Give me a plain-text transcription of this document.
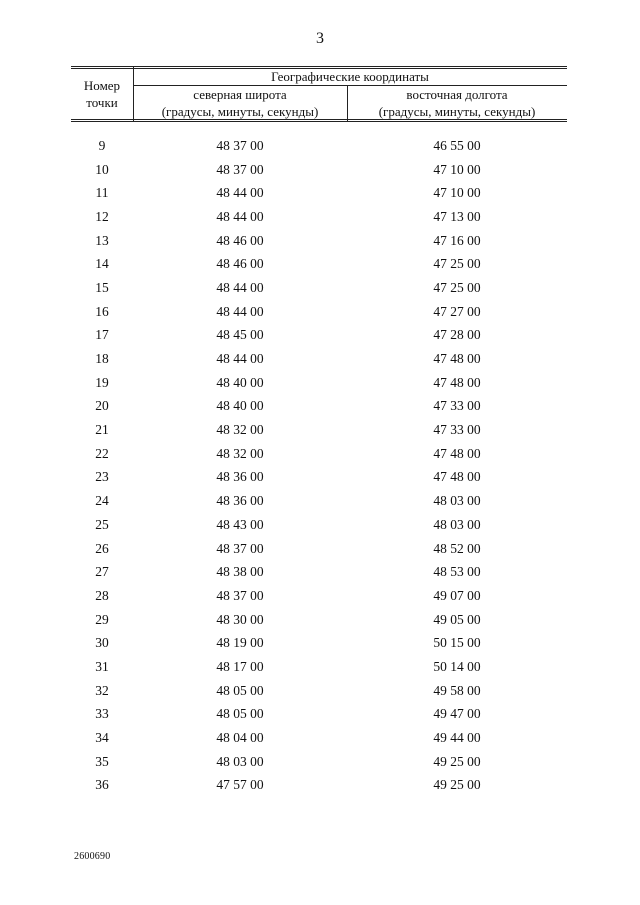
3
Номер
точки
Географические координаты
северная широта
(градусы, минуты, секунды)
восточная долгота
(градусы, минуты, секунды)
9	48 37 00	46 55 00
10	48 37 00	47 10 00
11	48 44 00	47 10 00
12	48 44 00	47 13 00
13	48 46 00	47 16 00
14	48 46 00	47 25 00
15	48 44 00	47 25 00
16	48 44 00	47 27 00
17	48 45 00	47 28 00
18	48 44 00	47 48 00
19	48 40 00	47 48 00
20	48 40 00	47 33 00
21	48 32 00	47 33 00
22	48 32 00	47 48 00
23	48 36 00	47 48 00
24	48 36 00	48 03 00
25	48 43 00	48 03 00
26	48 37 00	48 52 00
27	48 38 00	48 53 00
28	48 37 00	49 07 00
29	48 30 00	49 05 00
30	48 19 00	50 15 00
31	48 17 00	50 14 00
32	48 05 00	49 58 00
33	48 05 00	49 47 00
34	48 04 00	49 44 00
35	48 03 00	49 25 00
36	47 57 00	49 25 00
2600690
